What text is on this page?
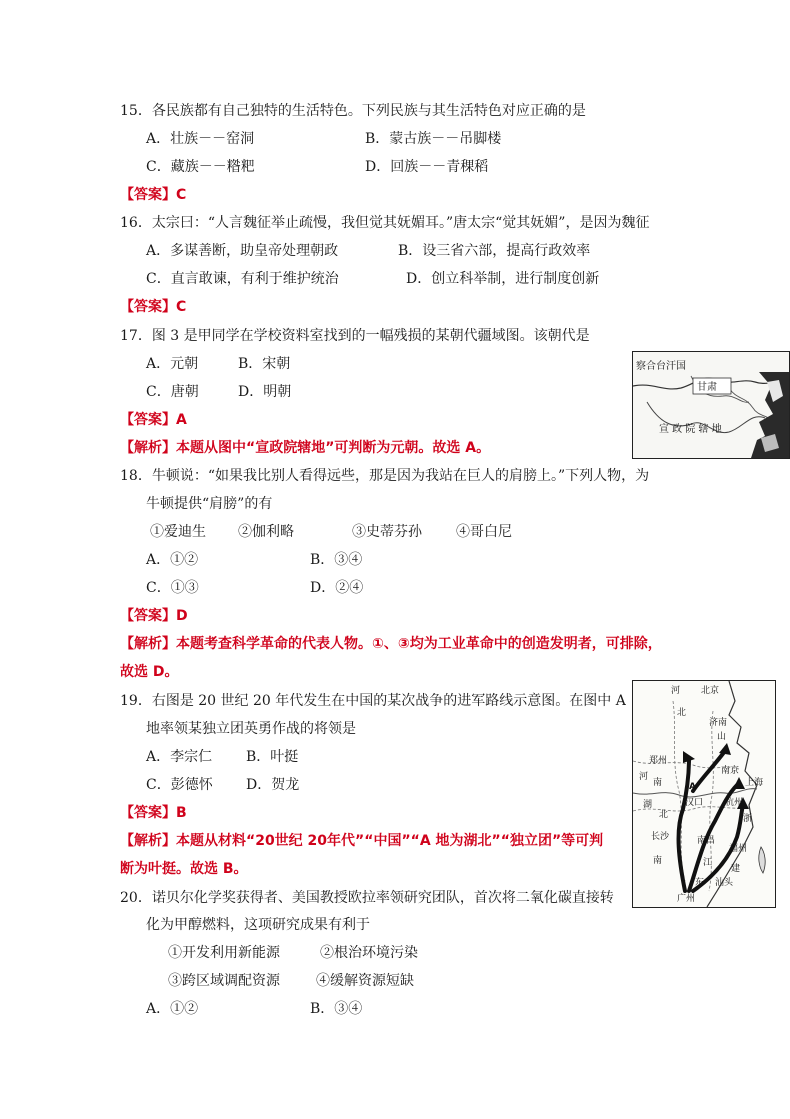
15．各民族都有自己独特的生活特色。下列民族与其生活特色对应正确的是
A．壮族－－窑洞	B．蒙古族－－吊脚楼
C．藏族－－糌粑	D．回族－－青稞稻
【答案】C
16．太宗曰：“人言魏征举止疏慢，我但觉其妩媚耳。”唐太宗“觉其妩媚”，是因为魏征
A．多谋善断，助皇帝处理朝政	B．设三省六部，提高行政效率
C．直言敢谏，有利于维护统治	D．创立科举制，进行制度创新
【答案】C
17．图 3 是甲同学在学校资料室找到的一幅残损的某朝代疆域图。该朝代是
A．元朝	B．宋朝
C．唐朝	D．明朝
【答案】A
【解析】本题从图中“宣政院辖地”可判断为元朝。故选 A。
察合台汗国
甘肃
宣 政 院 辖 地
18．牛顿说：“如果我比别人看得远些，那是因为我站在巨人的肩膀上。”下列人物，为
牛顿提供“肩膀”的有
①爱迪生 ②伽利略	③史蒂芬孙 ④哥白尼
A．①②	B．③④
C．①③	D．②④
【答案】D
【解析】本题考查科学革命的代表人物。①、③均为工业革命中的创造发明者，可排除，
故选 D。
19．右图是 20 世纪 20 年代发生在中国的某次战争的进军路线示意图。在图中 A
地率领某独立团英勇作战的将领是
A．李宗仁 B．叶挺
C．彭德怀 D．贺龙
【答案】B
【解析】本题从材料“20世纪 20年代”“中国”“A 地为湖北”“独立团”等可判
断为叶挺。故选 B。
北京
河
北
济南
山
郑州
河
南
南京
上海
汉口 杭州
湖
北	浙
长沙	南昌
福州
江
建
南
汕头
东
广州
A
20．诺贝尔化学奖获得者、美国教授欧拉率领研究团队，首次将二氧化碳直接转
化为甲醇燃料，这项研究成果有利于
①开发利用新能源	②根治环境污染
③跨区域调配资源	④缓解资源短缺
A．①②	B．③④
